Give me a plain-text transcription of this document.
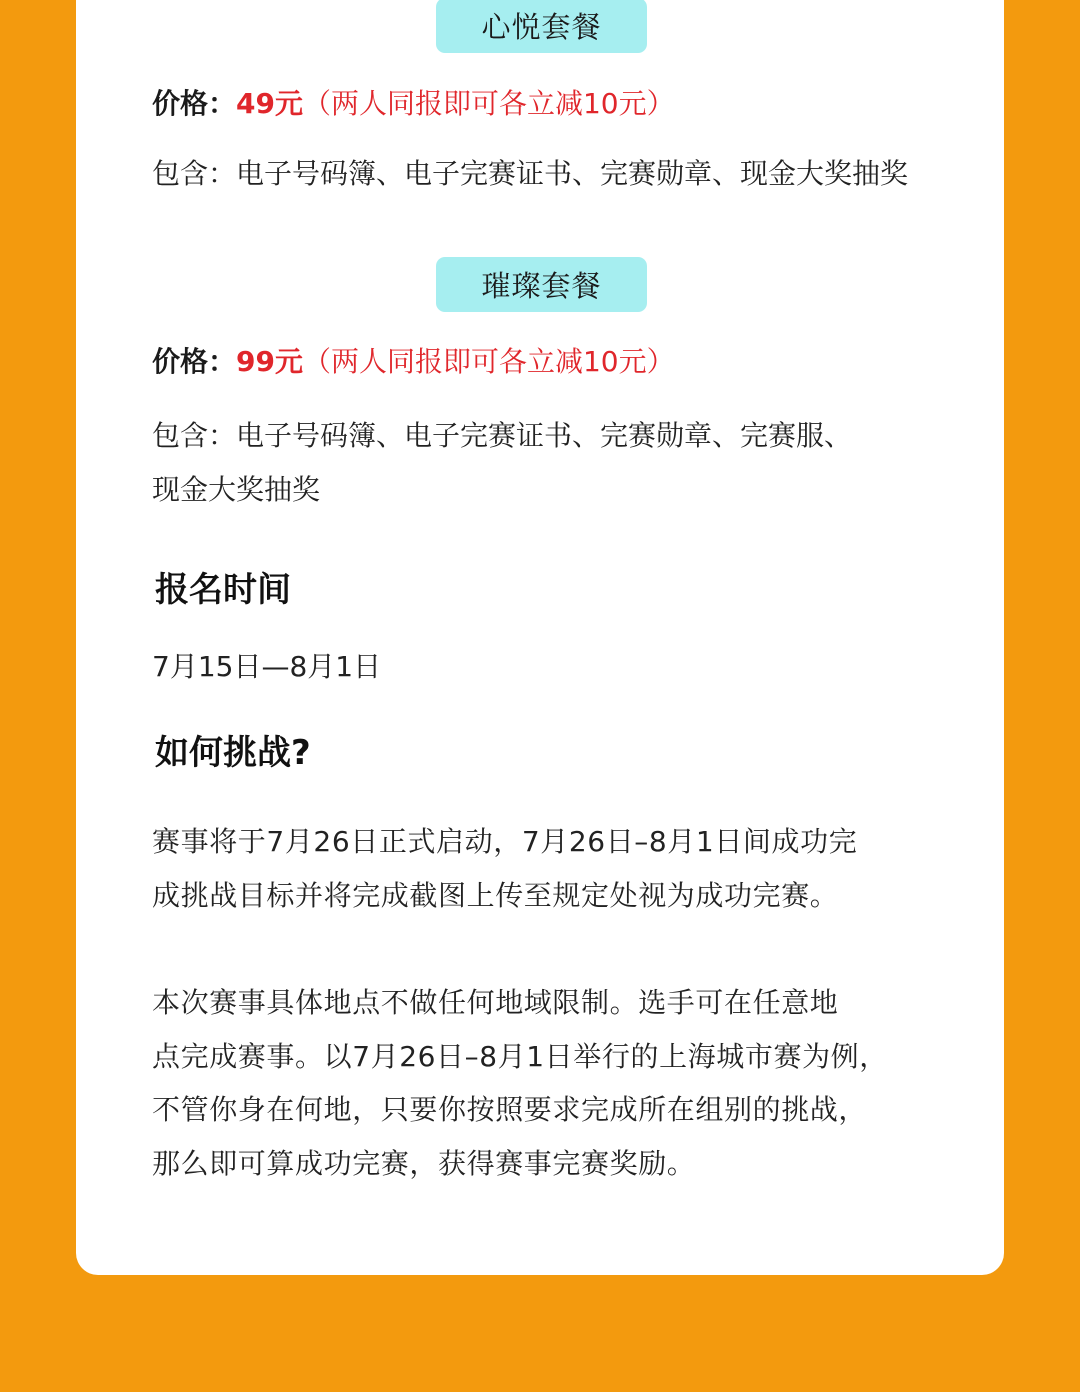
心悦套餐
价格：49元（两人同报即可各立减10元）
包含：电子号码簿、电子完赛证书、完赛勋章、现金大奖抽奖
璀璨套餐
价格：99元（两人同报即可各立减10元）
包含：电子号码簿、电子完赛证书、完赛勋章、完赛服、
现金大奖抽奖
报名时间
7月15日—8月1日
如何挑战?
赛事将于7月26日正式启动，7月26日–8月1日间成功完
成挑战目标并将完成截图上传至规定处视为成功完赛。
本次赛事具体地点不做任何地域限制。选手可在任意地
点完成赛事。以7月26日–8月1日举行的上海城市赛为例，
不管你身在何地，只要你按照要求完成所在组别的挑战，
那么即可算成功完赛，获得赛事完赛奖励。
